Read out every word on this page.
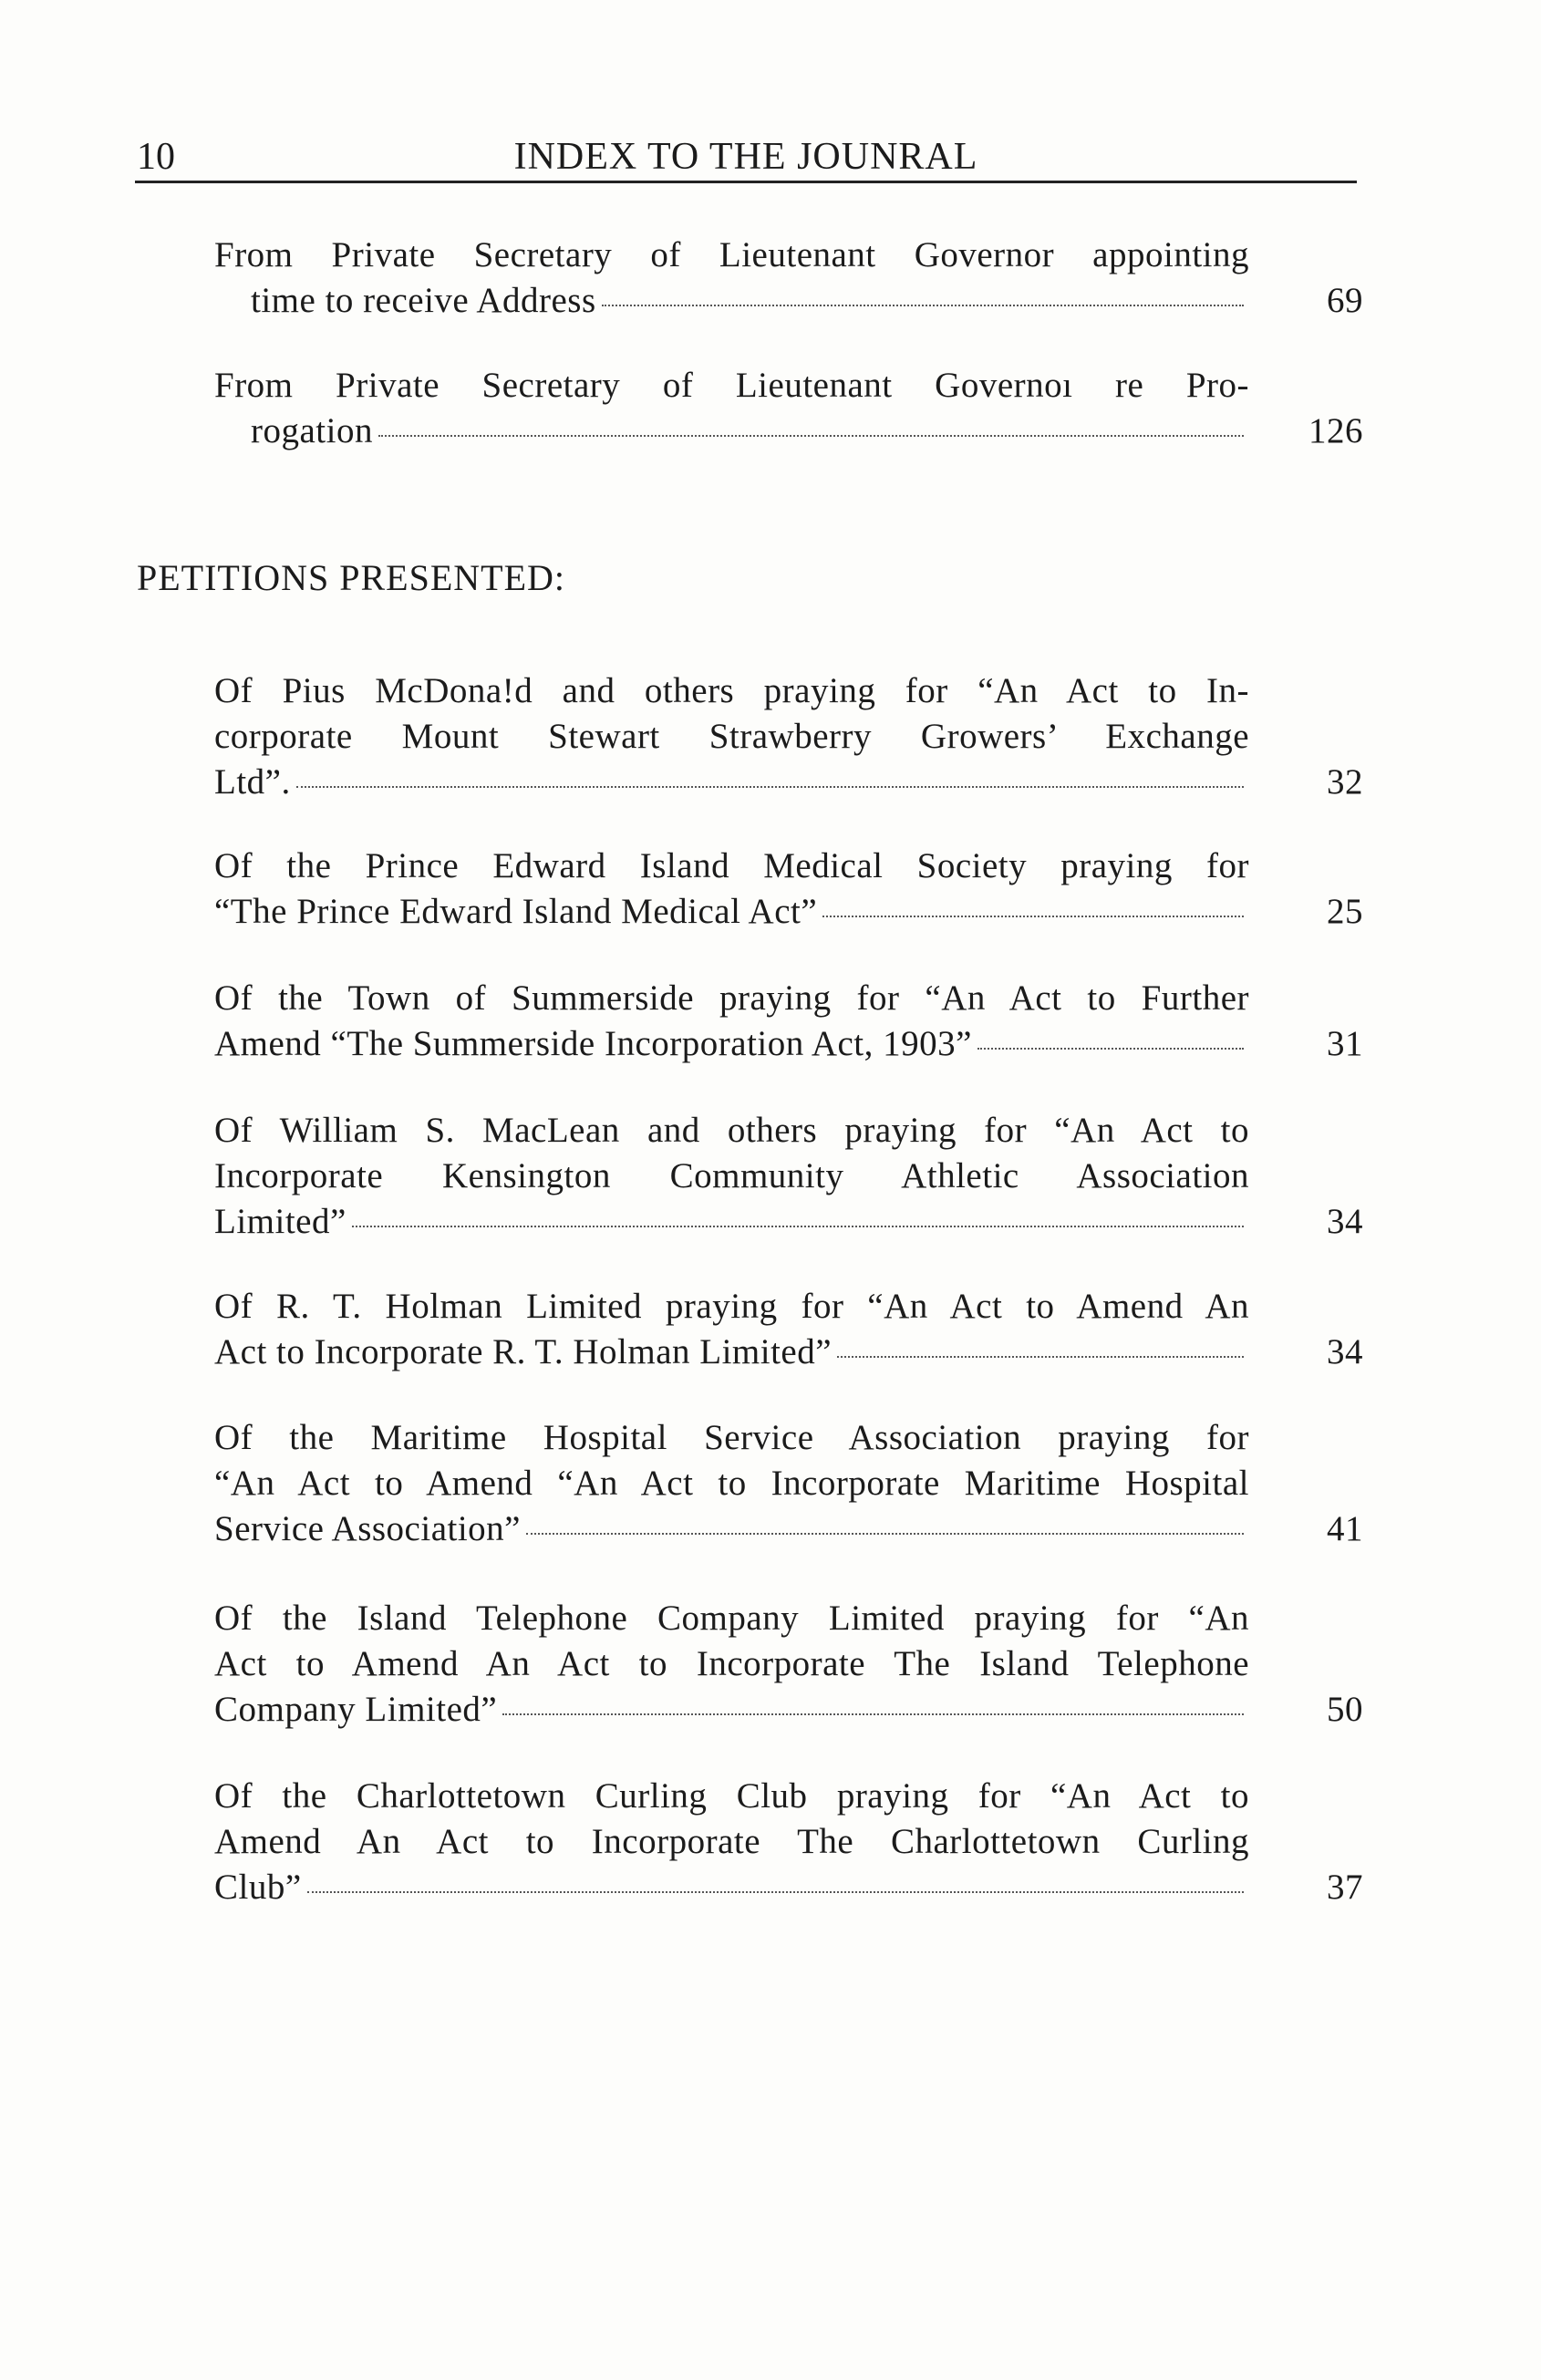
10	INDEX TO THE JOUNRAL
From Private Secretary of Lieutenant Governor appointing
time to receive Address	69
From Private Secretary of Lieutenant Governoı re Pro-
rogation	126
PETITIONS PRESENTED:
Of Pius McDona!d and others praying for “An Act to In-
corporate Mount Stewart Strawberry Growers’ Exchange
Ltd”.	32
Of the Prince Edward Island Medical Society praying for
“The Prince Edward Island Medical Act”	25
Of the Town of Summerside praying for “An Act to Further
Amend “The Summerside Incorporation Act, 1903”	31
Of William S. MacLean and others praying for “An Act to
Incorporate Kensington Community Athletic Association
Limited”	34
Of R. T. Holman Limited praying for “An Act to Amend An
Act to Incorporate R. T. Holman Limited”	34
Of the Maritime Hospital Service Association praying for
“An Act to Amend “An Act to Incorporate Maritime Hospital
Service Association”	41
Of the Island Telephone Company Limited praying for “An
Act to Amend An Act to Incorporate The Island Telephone
Company Limited”	50
Of the Charlottetown Curling Club praying for “An Act to
Amend An Act to Incorporate The Charlottetown Curling
Club”	37
